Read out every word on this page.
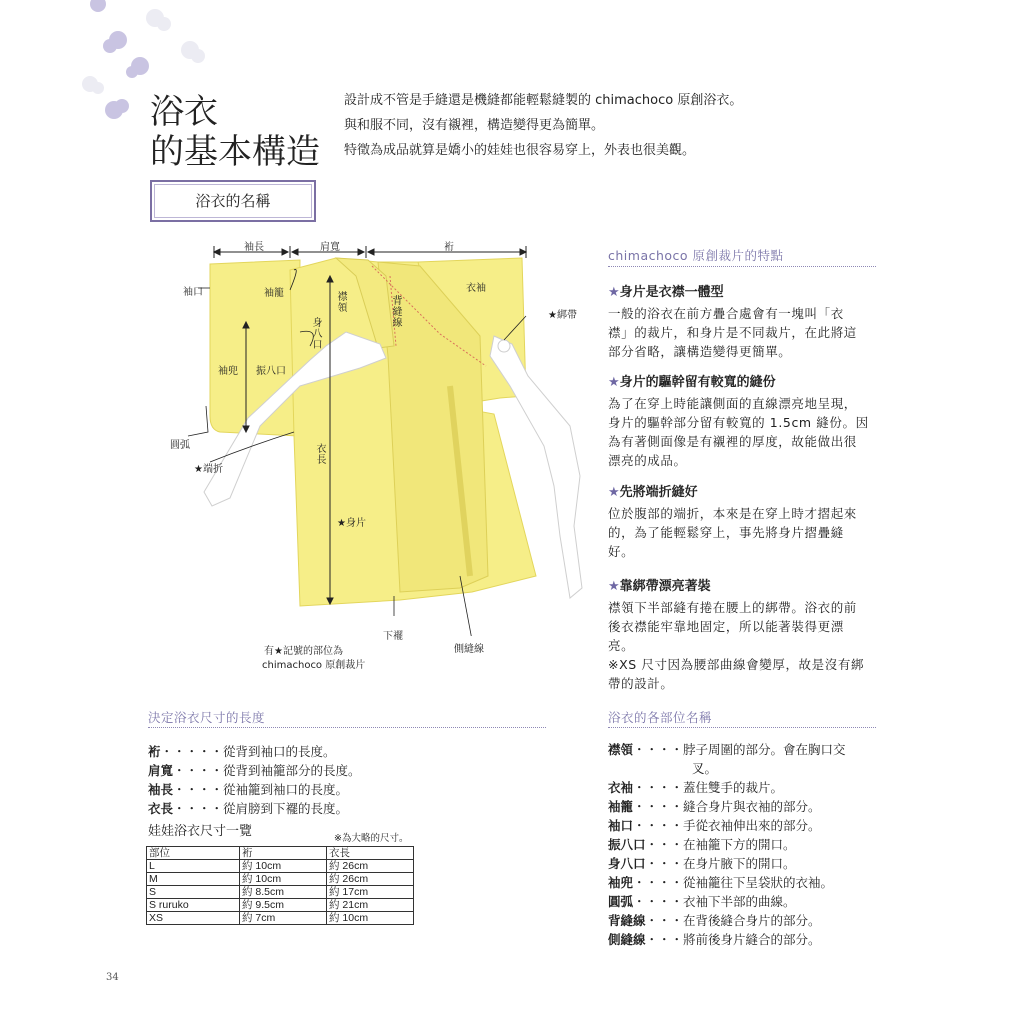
浴衣
的基本構造
設計成不管是手縫還是機縫都能輕鬆縫製的 chimachoco 原創浴衣。
與和服不同，沒有襯裡，構造變得更為簡單。
特徵為成品就算是嬌小的娃娃也很容易穿上，外表也很美觀。
浴衣的名稱
袖長	肩寬	裄
袖口	袖籠	衣袖
襟領
背縫線
身八口
★綁帶
袖兜 振八口
圓弧
★端折
衣長
★身片
下襬
側縫線
有★記號的部位為
chimachoco 原創裁片
chimachoco 原創裁片的特點
★身片是衣襟一體型
一般的浴衣在前方疊合處會有一塊叫「衣
襟」的裁片，和身片是不同裁片，在此將這
部分省略，讓構造變得更簡單。
★身片的驅幹留有較寬的縫份
為了在穿上時能讓側面的直線漂亮地呈現，
身片的驅幹部分留有較寬的 1.5cm 縫份。因
為有著側面像是有襯裡的厚度，故能做出很
漂亮的成品。
★先將端折縫好
位於腹部的端折，本來是在穿上時才摺起來
的，為了能輕鬆穿上，事先將身片摺疊縫
好。
★靠綁帶漂亮著裝
襟領下半部縫有捲在腰上的綁帶。浴衣的前
後衣襟能牢靠地固定，所以能著裝得更漂
亮。
※XS 尺寸因為腰部曲線會變厚，故是沒有綁
帶的設計。
決定浴衣尺寸的長度
裄・・・・・從背到袖口的長度。
肩寬・・・・從背到袖籠部分的長度。
袖長・・・・從袖籠到袖口的長度。
衣長・・・・從肩膀到下襬的長度。
娃娃浴衣尺寸一覽	※為大略的尺寸。
部位	裄	衣長
L	約 10cm	約 26cm
M	約 10cm	約 26cm
S	約 8.5cm	約 17cm
S ruruko	約 9.5cm	約 21cm
XS	約 7cm	約 10cm
浴衣的各部位名稱
襟領・・・・脖子周圍的部分。會在胸口交
叉。
衣袖・・・・蓋住雙手的裁片。
袖籠・・・・縫合身片與衣袖的部分。
袖口・・・・手從衣袖伸出來的部分。
振八口・・・在袖籠下方的開口。
身八口・・・在身片腋下的開口。
袖兜・・・・從袖籠往下呈袋狀的衣袖。
圓弧・・・・衣袖下半部的曲線。
背縫線・・・在背後縫合身片的部分。
側縫線・・・將前後身片縫合的部分。
34
